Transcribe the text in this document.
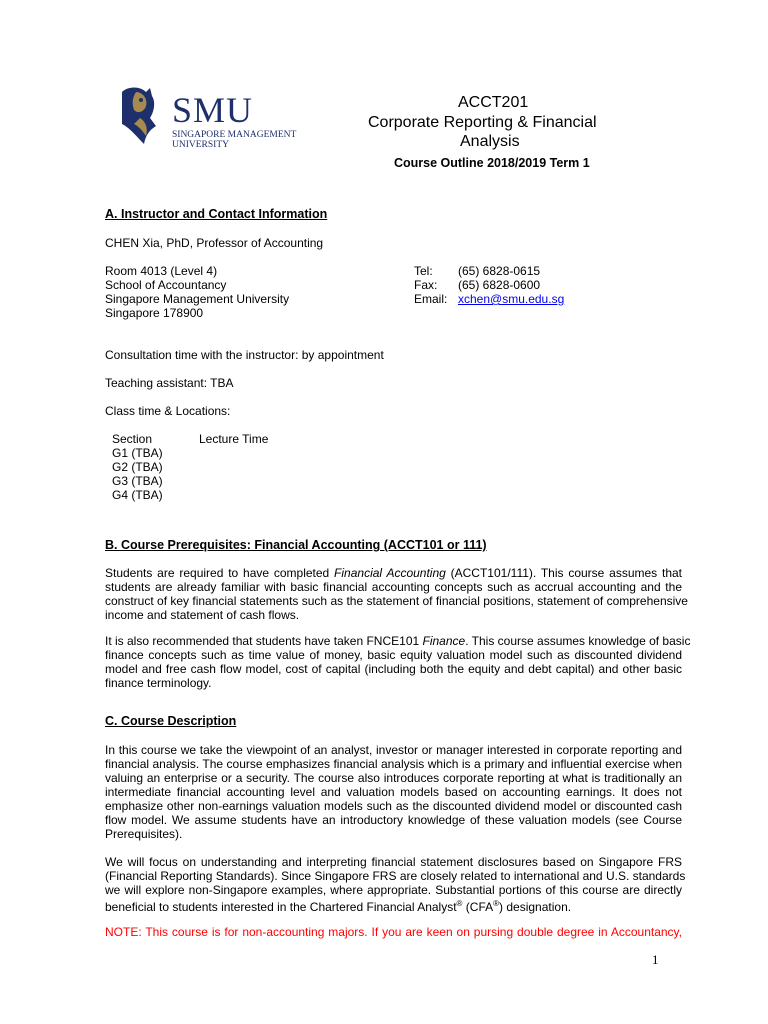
SMU
SINGAPORE MANAGEMENT
UNIVERSITY
ACCT201
Corporate Reporting & Financial
Analysis
Course Outline 2018/2019 Term 1
A. Instructor and Contact Information
CHEN Xia, PhD, Professor of Accounting
Room 4013 (Level 4)
School of Accountancy
Singapore Management University
Singapore 178900
Tel: (65) 6828-0615
Fax: (65) 6828-0600
Email: xchen@smu.edu.sg
Consultation time with the instructor: by appointment
Teaching assistant: TBA
Class time & Locations:
Section	Lecture Time
G1 (TBA)
G2 (TBA)
G3 (TBA)
G4 (TBA)
B. Course Prerequisites: Financial Accounting (ACCT101 or 111)
Students are required to have completed Financial Accounting (ACCT101/111). This course assumes that
students are already familiar with basic financial accounting concepts such as accrual accounting and the
construct of key financial statements such as the statement of financial positions, statement of comprehensive
income and statement of cash flows.
It is also recommended that students have taken FNCE101 Finance. This course assumes knowledge of basic
finance concepts such as time value of money, basic equity valuation model such as discounted dividend
model and free cash flow model, cost of capital (including both the equity and debt capital) and other basic
finance terminology.
C. Course Description
In this course we take the viewpoint of an analyst, investor or manager interested in corporate reporting and
financial analysis. The course emphasizes financial analysis which is a primary and influential exercise when
valuing an enterprise or a security. The course also introduces corporate reporting at what is traditionally an
intermediate financial accounting level and valuation models based on accounting earnings. It does not
emphasize other non-earnings valuation models such as the discounted dividend model or discounted cash
flow model. We assume students have an introductory knowledge of these valuation models (see Course
Prerequisites).
We will focus on understanding and interpreting financial statement disclosures based on Singapore FRS
(Financial Reporting Standards). Since Singapore FRS are closely related to international and U.S. standards
we will explore non-Singapore examples, where appropriate. Substantial portions of this course are directly
beneficial to students interested in the Chartered Financial Analyst® (CFA®) designation.
NOTE: This course is for non-accounting majors. If you are keen on pursing double degree in Accountancy,
1
